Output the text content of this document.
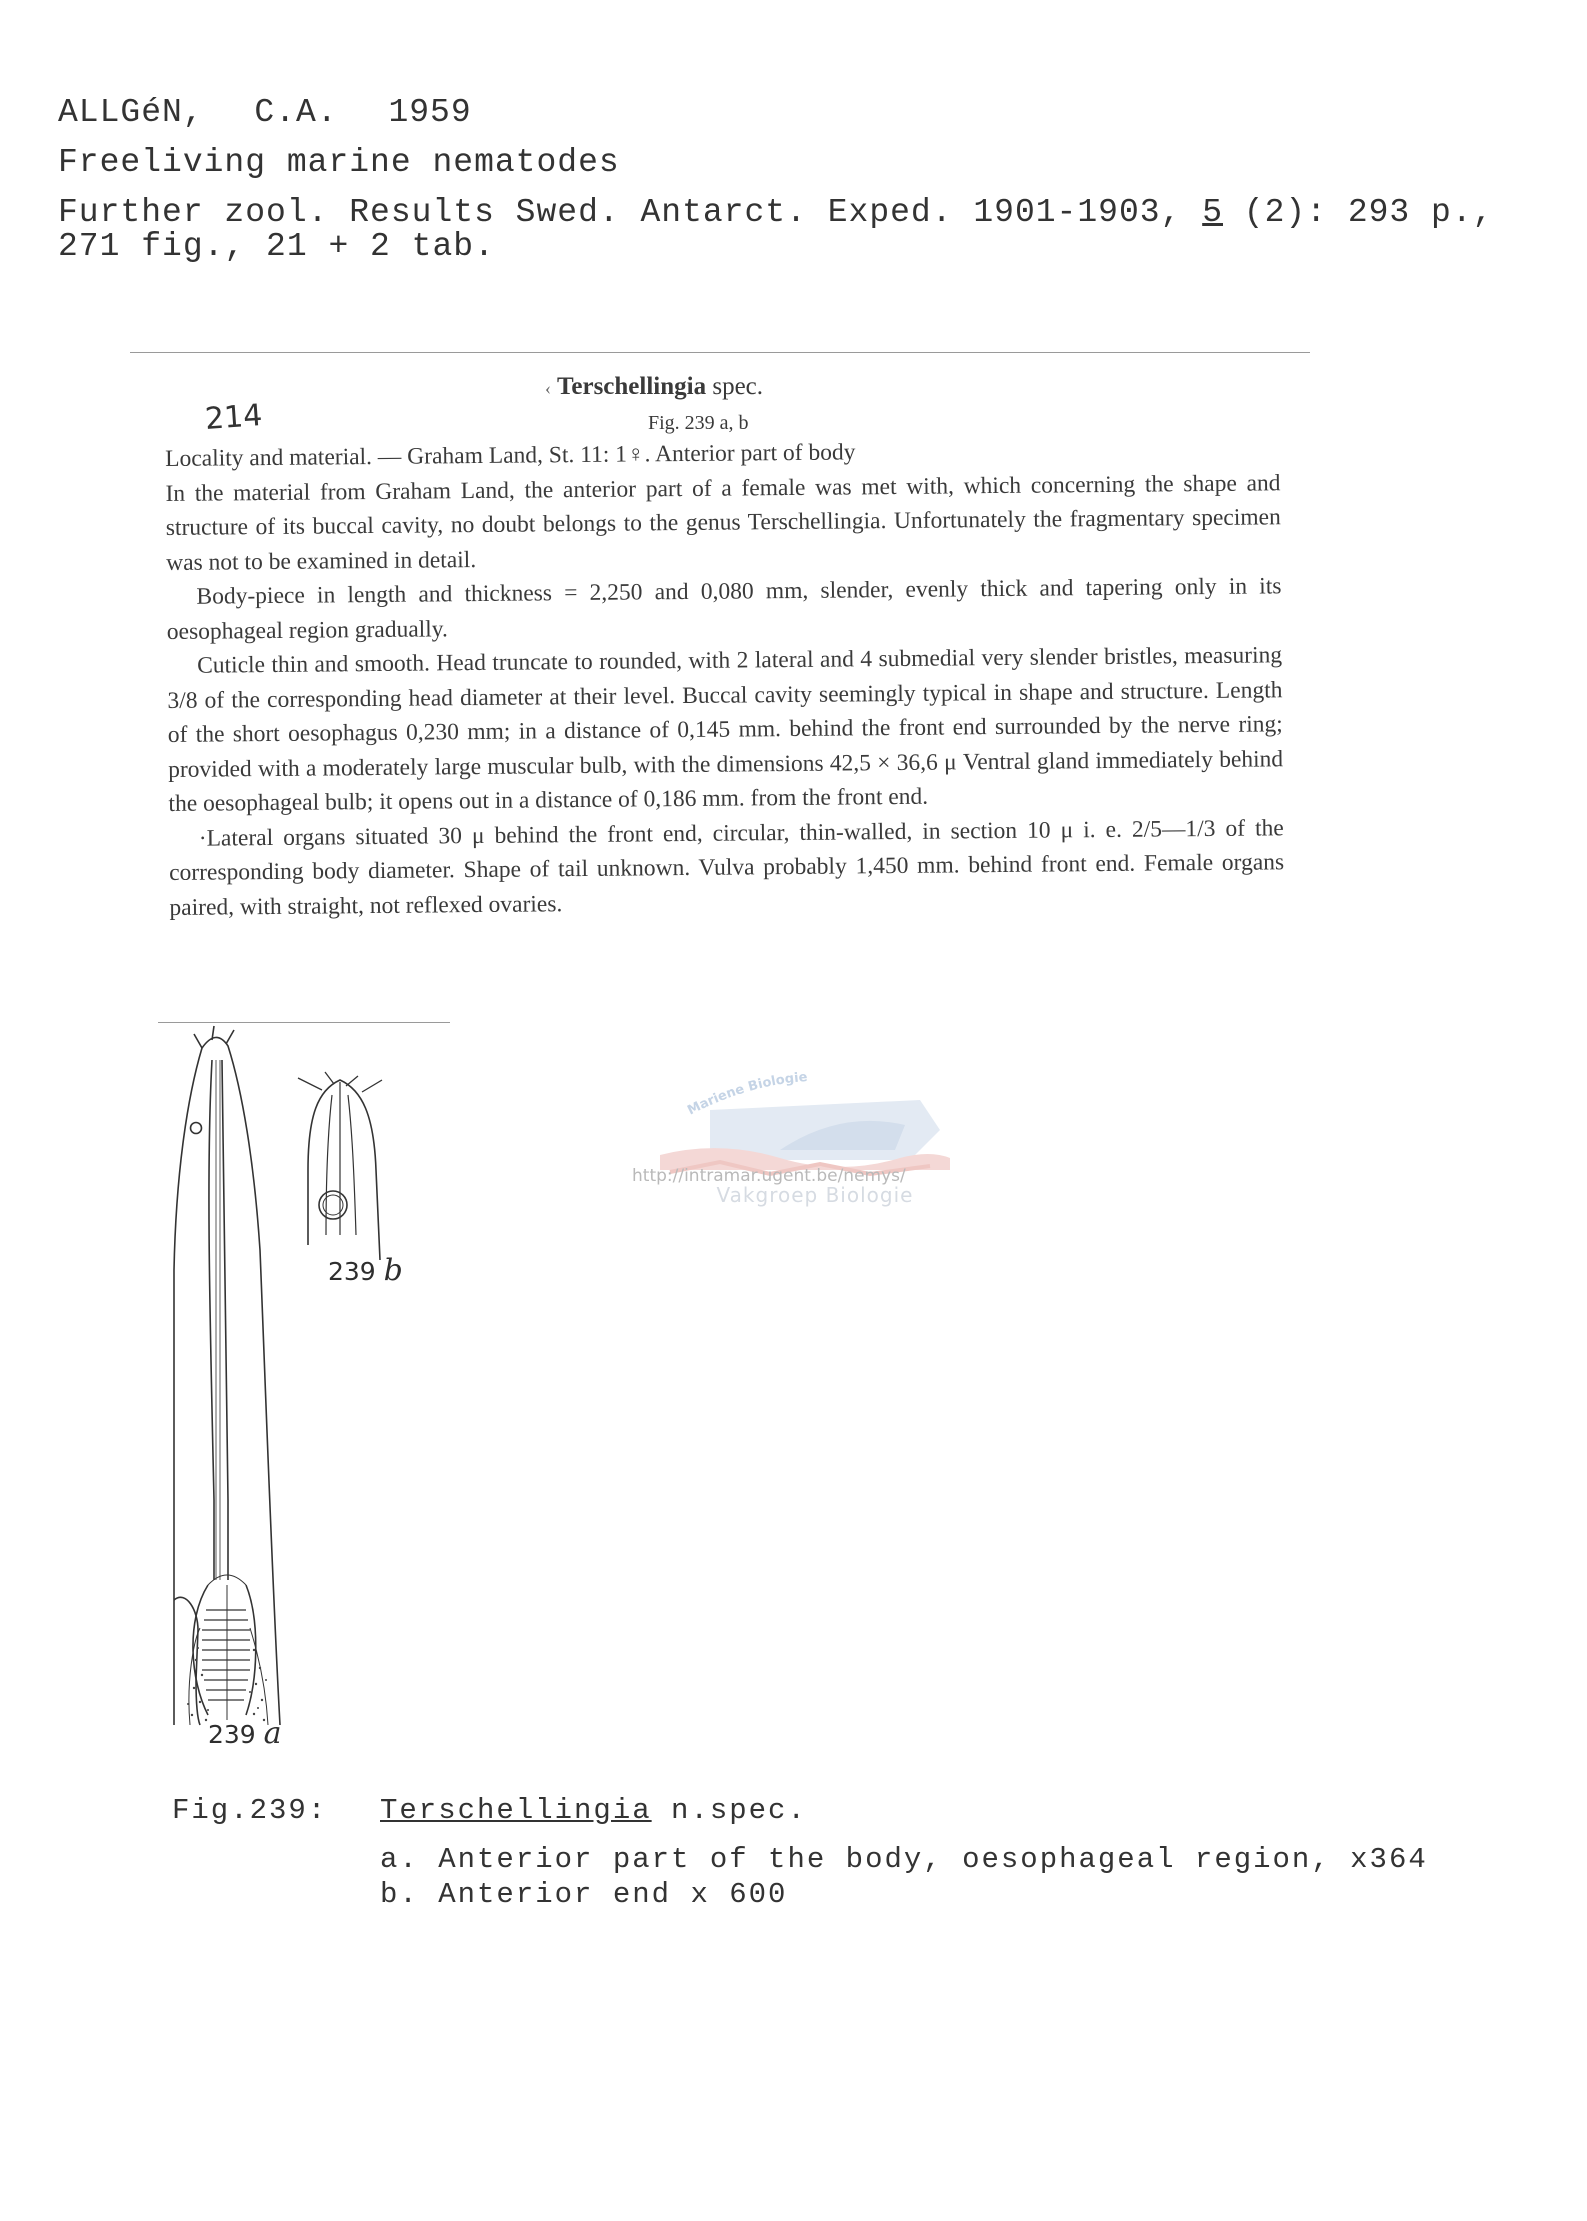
ALLGéN, C.A. 1959
Freeliving marine nematodes
Further zool. Results Swed. Antarct. Exped. 1901-1903, 5 (2): 293 p.,
271 fig., 21 + 2 tab.
‹ Terschellingia spec.
Fig. 239 a, b
214

Locality and material. — Graham Land, St. 11: 1♀. Anterior part of body

In the material from Graham Land, the anterior part of a female was met with, which concerning the shape and structure of its buccal cavity, no doubt belongs to the genus Terschellingia. Unfortunately the fragmentary specimen was not to be examined in detail.

Body-piece in length and thickness = 2,250 and 0,080 mm, slender, evenly thick and tapering only in its oesophageal region gradually.

Cuticle thin and smooth. Head truncate to rounded, with 2 lateral and 4 submedial very slender bristles, measuring 3/8 of the corresponding head diameter at their level. Buccal cavity seemingly typical in shape and structure. Length of the short oesophagus 0,230 mm; in a distance of 0,145 mm. behind the front end surrounded by the nerve ring; provided with a moderately large muscular bulb, with the dimensions 42,5 × 36,6 μ Ventral gland immediately behind the oesophageal bulb; it opens out in a distance of 0,186 mm. from the front end.

·Lateral organs situated 30 μ behind the front end, circular, thin-walled, in section 10 μ i. e. 2/5—1/3 of the corresponding body diameter. Shape of tail unknown. Vulva probably 1,450 mm. behind front end. Female organs paired, with straight, not reflexed ovaries.

Mariene Biologie
Vakgroep Biologie
http://intramar.ugent.be/nemys/
239 b
239 a
Fig.239: Terschellingia n.spec.
a. Anterior part of the body, oesophageal region, x364
b. Anterior end x 600
